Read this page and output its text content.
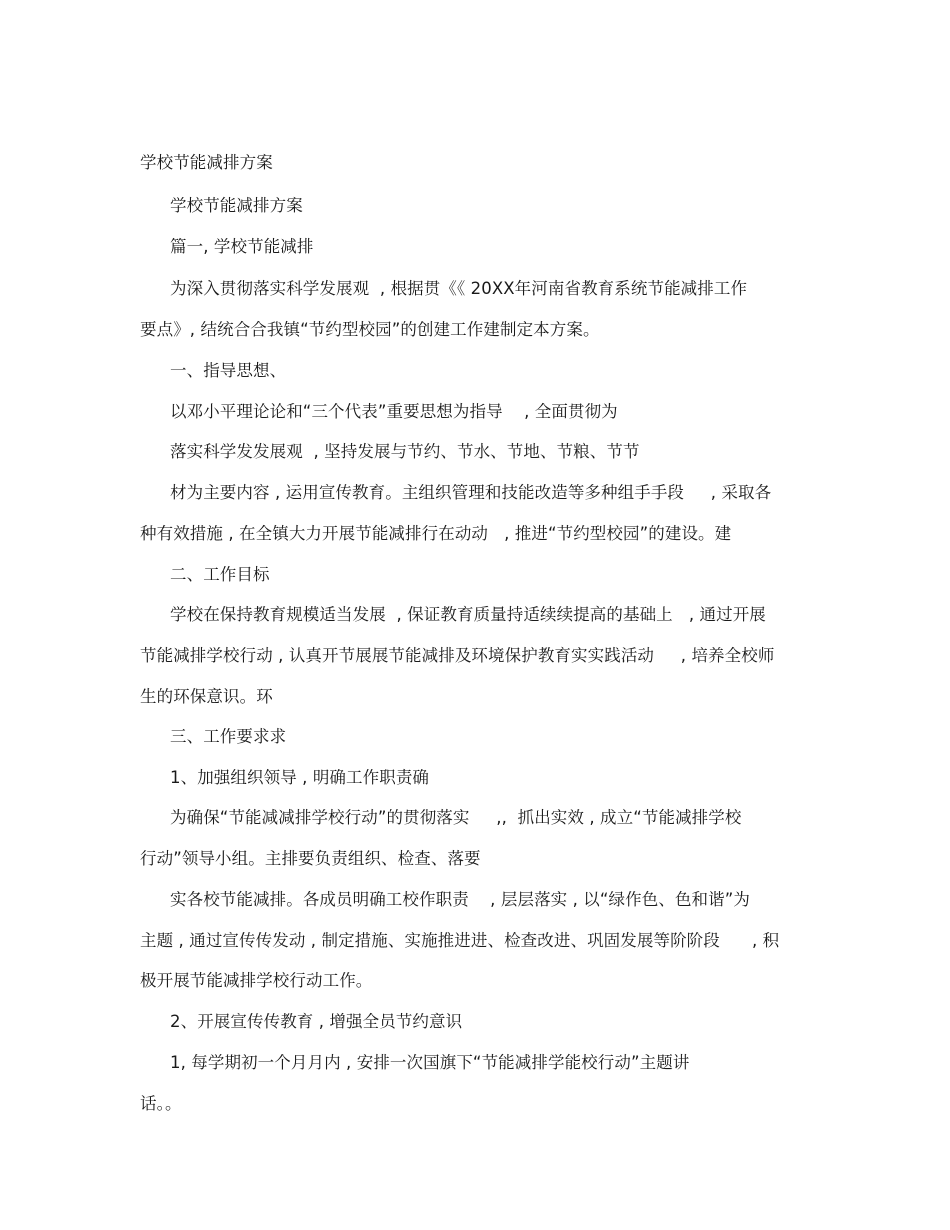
学校节能减排方案
学校节能减排方案
篇一, 学校节能减排
为深入贯彻落实科学发展观  , 根据贯《《 20XX年河南省教育系统节能减排工作
要点》, 结统合合我镇“节约型校园”的创建工作建制定本方案。
一、指导思想、
以邓小平理论论和“三个代表”重要思想为指导    , 全面贯彻为
落实科学发发展观  , 坚持发展与节约、节水、节地、节粮、节节
材为主要内容 , 运用宣传教育。主组织管理和技能改造等多种组手手段     , 采取各
种有效措施 , 在全镇大力开展节能减排行在动动   , 推进“节约型校园”的建设。建
二、工作目标
学校在保持教育规模适当发展  , 保证教育质量持适续续提高的基础上   , 通过开展
节能减排学校行动 , 认真开节展展节能减排及环境保护教育实实践活动     , 培养全校师
生的环保意识。环
三、工作要求求
1、加强组织领导 , 明确工作职责确
为确保“节能减减排学校行动”的贯彻落实     ,,  抓出实效 , 成立“节能减排学校
行动”领导小组。主排要负责组织、检查、落要
实各校节能减排。各成员明确工校作职责    , 层层落实 , 以“绿作色、色和谐”为
主题 , 通过宣传传发动 , 制定措施、实施推进进、检查改进、巩固发展等阶阶段      , 积
极开展节能减排学校行动工作。
2、开展宣传传教育 , 增强全员节约意识
1, 每学期初一个月月内 , 安排一次国旗下“节能减排学能校行动”主题讲
话。。
